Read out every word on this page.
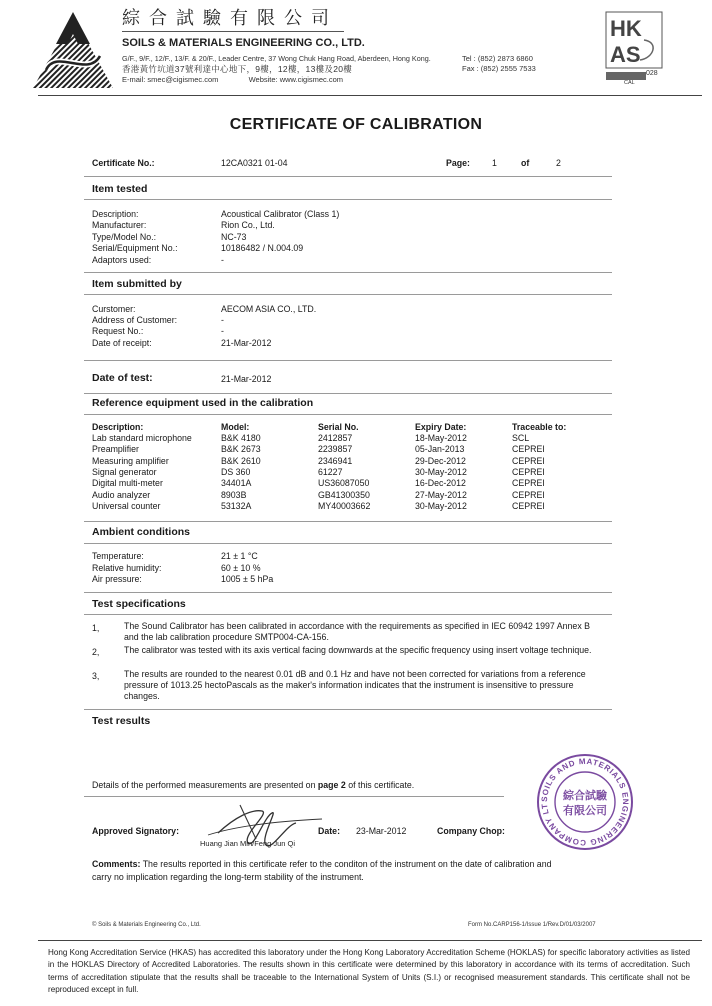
綜合試驗有限公司
SOILS & MATERIALS ENGINEERING CO., LTD.
G/F., 9/F., 12/F., 13/F. & 20/F., Leader Centre, 37 Wong Chuk Hang Road, Aberdeen, Hong Kong.
香港黃竹坑道37號利達中心地下，9樓，12樓，13樓及20樓
E-mail: smec@cigismec.com	Website: www.cigismec.com
Tel : (852) 2873 6860
Fax : (852) 2555 7533
HK
AS
028
CAL
CERTIFICATE OF CALIBRATION
Certificate No.:	12CA0321 01-04	Page:	1	of	2
Item tested
Description:	Acoustical Calibrator (Class 1)
Manufacturer:	Rion Co., Ltd.
Type/Model No.:	NC-73
Serial/Equipment No.:	10186482 / N.004.09
Adaptors used:	-
Item submitted by
Curstomer:	AECOM ASIA CO., LTD.
Address of Customer:	-
Request No.:	-
Date of receipt:	21-Mar-2012
Date of test:	21-Mar-2012
Reference equipment used in the calibration
Description:	Model:	Serial No.	Expiry Date:	Traceable to:
Lab standard microphone	B&K 4180	2412857	18-May-2012	SCL
Preamplifier	B&K 2673	2239857	05-Jan-2013	CEPREI
Measuring amplifier	B&K 2610	2346941	29-Dec-2012	CEPREI
Signal generator	DS 360	61227	30-May-2012	CEPREI
Digital multi-meter	34401A	US36087050	16-Dec-2012	CEPREI
Audio analyzer	8903B	GB41300350	27-May-2012	CEPREI
Universal counter	53132A	MY40003662	30-May-2012	CEPREI
Ambient conditions
Temperature:	21 ± 1 °C
Relative humidity:	60 ± 10 %
Air pressure:	1005 ± 5 hPa
Test specifications
1,	The Sound Calibrator has been calibrated in accordance with the requirements as specified in IEC 60942 1997 Annex B
and the lab calibration procedure SMTP004-CA-156.
2,	The calibrator was tested with its axis vertical facing downwards at the specific frequency using insert voltage technique.
3,	The results are rounded to the nearest 0.01 dB and 0.1 Hz and have not been corrected for variations from a reference
pressure of 1013.25 hectoPascals as the maker's information indicates that the instrument is insensitive to pressure
changes.
Test results
Details of the performed measurements are presented on page 2 of this certificate.
Approved Signatory:
Huang Jian Min/Feng Jun Qi
Date: 23-Mar-2012	Company Chop:
SOILS AND MATERIALS ENGINEERING COMPANY LT
綜合試驗
有限公司
Comments: The results reported in this certificate refer to the conditon of the instrument on the date of calibration and
carry no implication regarding the long-term stability of the instrument.
© Soils & Materials Engineering Co., Ltd.	Form No.CARP156-1/Issue 1/Rev.D/01/03/2007
Hong Kong Accreditation Service (HKAS) has accredited this laboratory under the Hong Kong Laboratory Accreditation Scheme (HOKLAS) for specific laboratory activities as listed in the HOKLAS Directory of Accredited Laboratories. The results shown in this certificate were determined by this laboratory in accordance with its terms of accreditation. Such terms of accreditation stipulate that the results shall be traceable to the International System of Units (S.I.) or recognised measurement standards. This certificate shall not be reproduced except in full.
